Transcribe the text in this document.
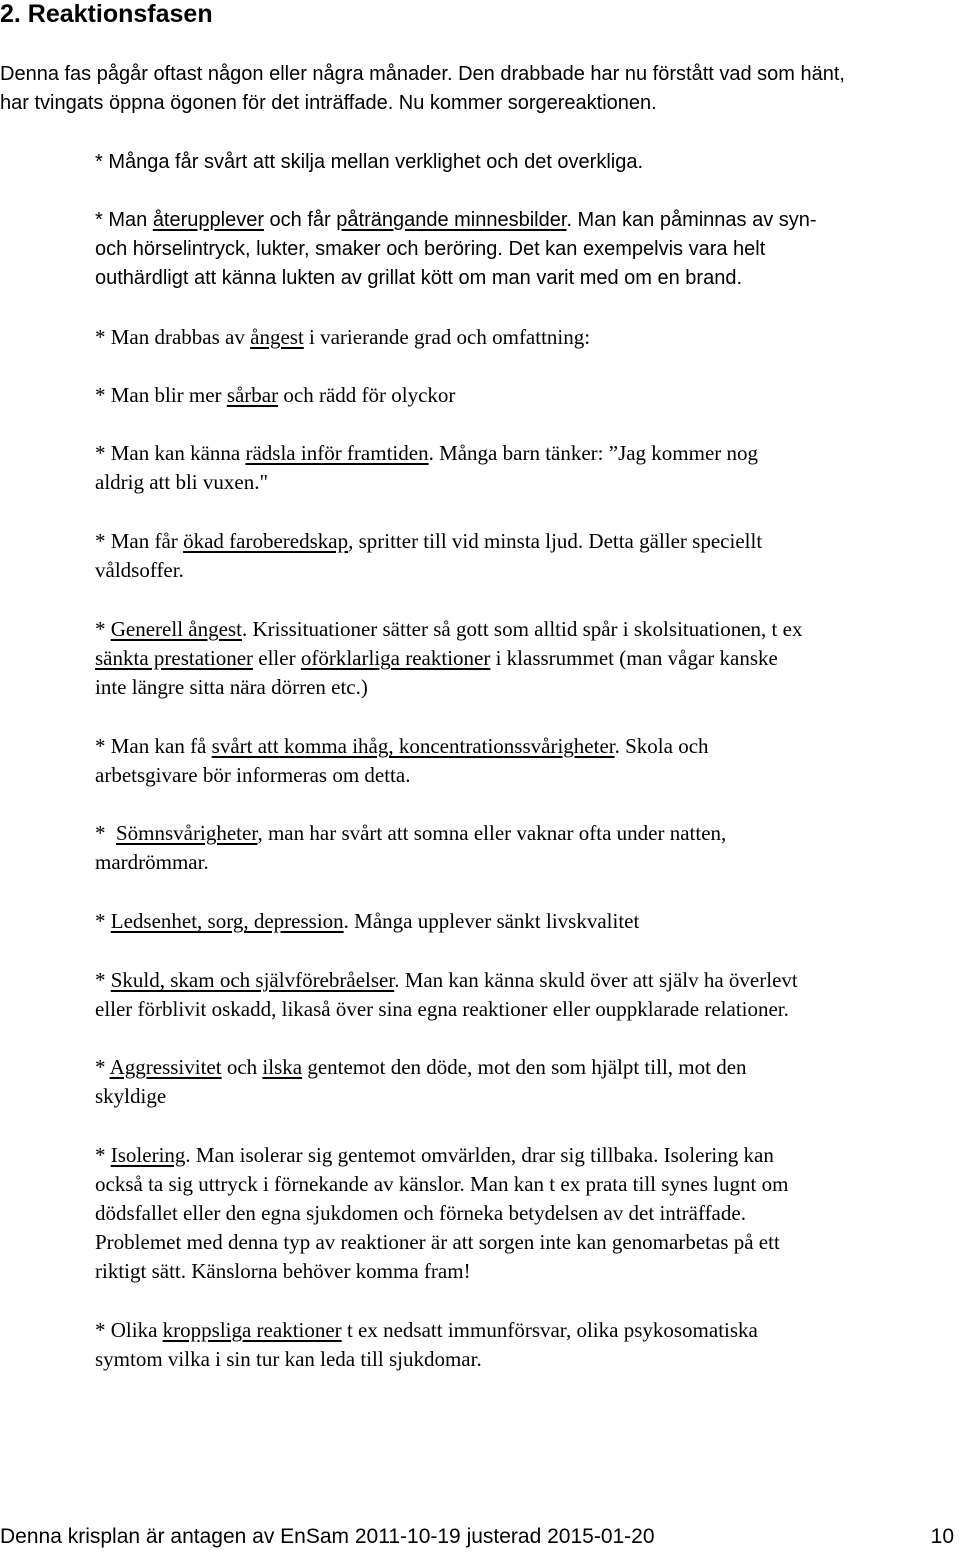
2. Reaktionsfasen
Denna fas pågår oftast någon eller några månader. Den drabbade har nu förstått vad som hänt,
har tvingats öppna ögonen för det inträffade. Nu kommer sorgereaktionen.
* Många får svårt att skilja mellan verklighet och det overkliga.
* Man återupplever och får påträngande minnesbilder. Man kan påminnas av syn-
och hörselintryck, lukter, smaker och beröring. Det kan exempelvis vara helt
outhärdligt att känna lukten av grillat kött om man varit med om en brand.
* Man drabbas av ångest i varierande grad och omfattning:
* Man blir mer sårbar och rädd för olyckor
* Man kan känna rädsla inför framtiden. Många barn tänker: ”Jag kommer nog
aldrig att bli vuxen."
* Man får ökad faroberedskap, spritter till vid minsta ljud. Detta gäller speciellt
våldsoffer.
* Generell ångest. Krissituationer sätter så gott som alltid spår i skolsituationen, t ex
sänkta prestationer eller oförklarliga reaktioner i klassrummet (man vågar kanske
inte längre sitta nära dörren etc.)
* Man kan få svårt att komma ihåg, koncentrationssvårigheter. Skola och
arbetsgivare bör informeras om detta.
*  Sömnsvårigheter, man har svårt att somna eller vaknar ofta under natten,
mardrömmar.
* Ledsenhet, sorg, depression. Många upplever sänkt livskvalitet
* Skuld, skam och självförebråelser. Man kan känna skuld över att själv ha överlevt
eller förblivit oskadd, likaså över sina egna reaktioner eller ouppklarade relationer.
* Aggressivitet och ilska gentemot den döde, mot den som hjälpt till, mot den
skyldige
* Isolering. Man isolerar sig gentemot omvärlden, drar sig tillbaka. Isolering kan
också ta sig uttryck i förnekande av känslor. Man kan t ex prata till synes lugnt om
dödsfallet eller den egna sjukdomen och förneka betydelsen av det inträffade.
Problemet med denna typ av reaktioner är att sorgen inte kan genomarbetas på ett
riktigt sätt. Känslorna behöver komma fram!
* Olika kroppsliga reaktioner t ex nedsatt immunförsvar, olika psykosomatiska
symtom vilka i sin tur kan leda till sjukdomar.
Denna krisplan är antagen av EnSam 2011-10-19 justerad 2015-01-20	10
